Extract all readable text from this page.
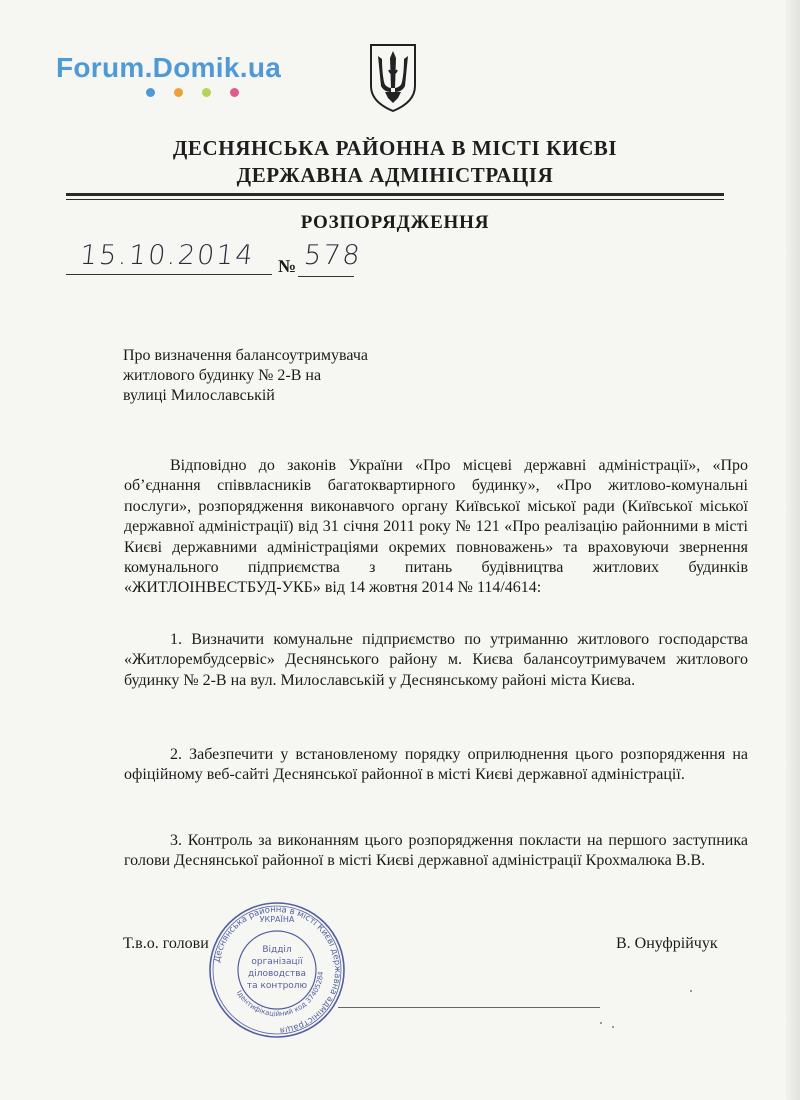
Forum.Domik.ua
ДЕСНЯНСЬКА РАЙОННА В МІСТІ КИЄВІ
ДЕРЖАВНА АДМІНІСТРАЦІЯ
РОЗПОРЯДЖЕННЯ
15.10.2014	№ 578
Про визначення балансоутримувача
житлового будинку № 2-В на
вулиці Милославській

Відповідно до законів України «Про місцеві державні адміністрації», «Про об’єднання співвласників багатоквартирного будинку», «Про житлово-комунальні послуги», розпорядження виконавчого органу Київської міської ради (Київської міської державної адміністрації) від 31 січня 2011 року № 121 «Про реалізацію районними в місті Києві державними адміністраціями окремих повноважень» та враховуючи звернення комунального підприємства з питань будівництва житлових будинків «ЖИТЛОІНВЕСТБУД-УКБ» від 14 жовтня 2014 № 114/4614:

1. Визначити комунальне підприємство по утриманню житлового господарства «Житлорембудсервіс» Деснянського району м. Києва балансоутримувачем житлового будинку № 2-В на вул. Милославській у Деснянському районі міста Києва.

2. Забезпечити у встановленому порядку оприлюднення цього розпорядження на офіційному веб-сайті Деснянської районної в місті Києві державної адміністрації.

3. Контроль за виконанням цього розпорядження покласти на першого заступника голови Деснянської районної в місті Києві державної адміністрації Крохмалюка В.В.

Т.в.о. голови	В. Онуфрійчук
Деснянська районна в місті Києві державна адміністрація
Ідентифікаційний код 37405284
УКРАЇНА
Відділ
організації
діловодства
та контролю
